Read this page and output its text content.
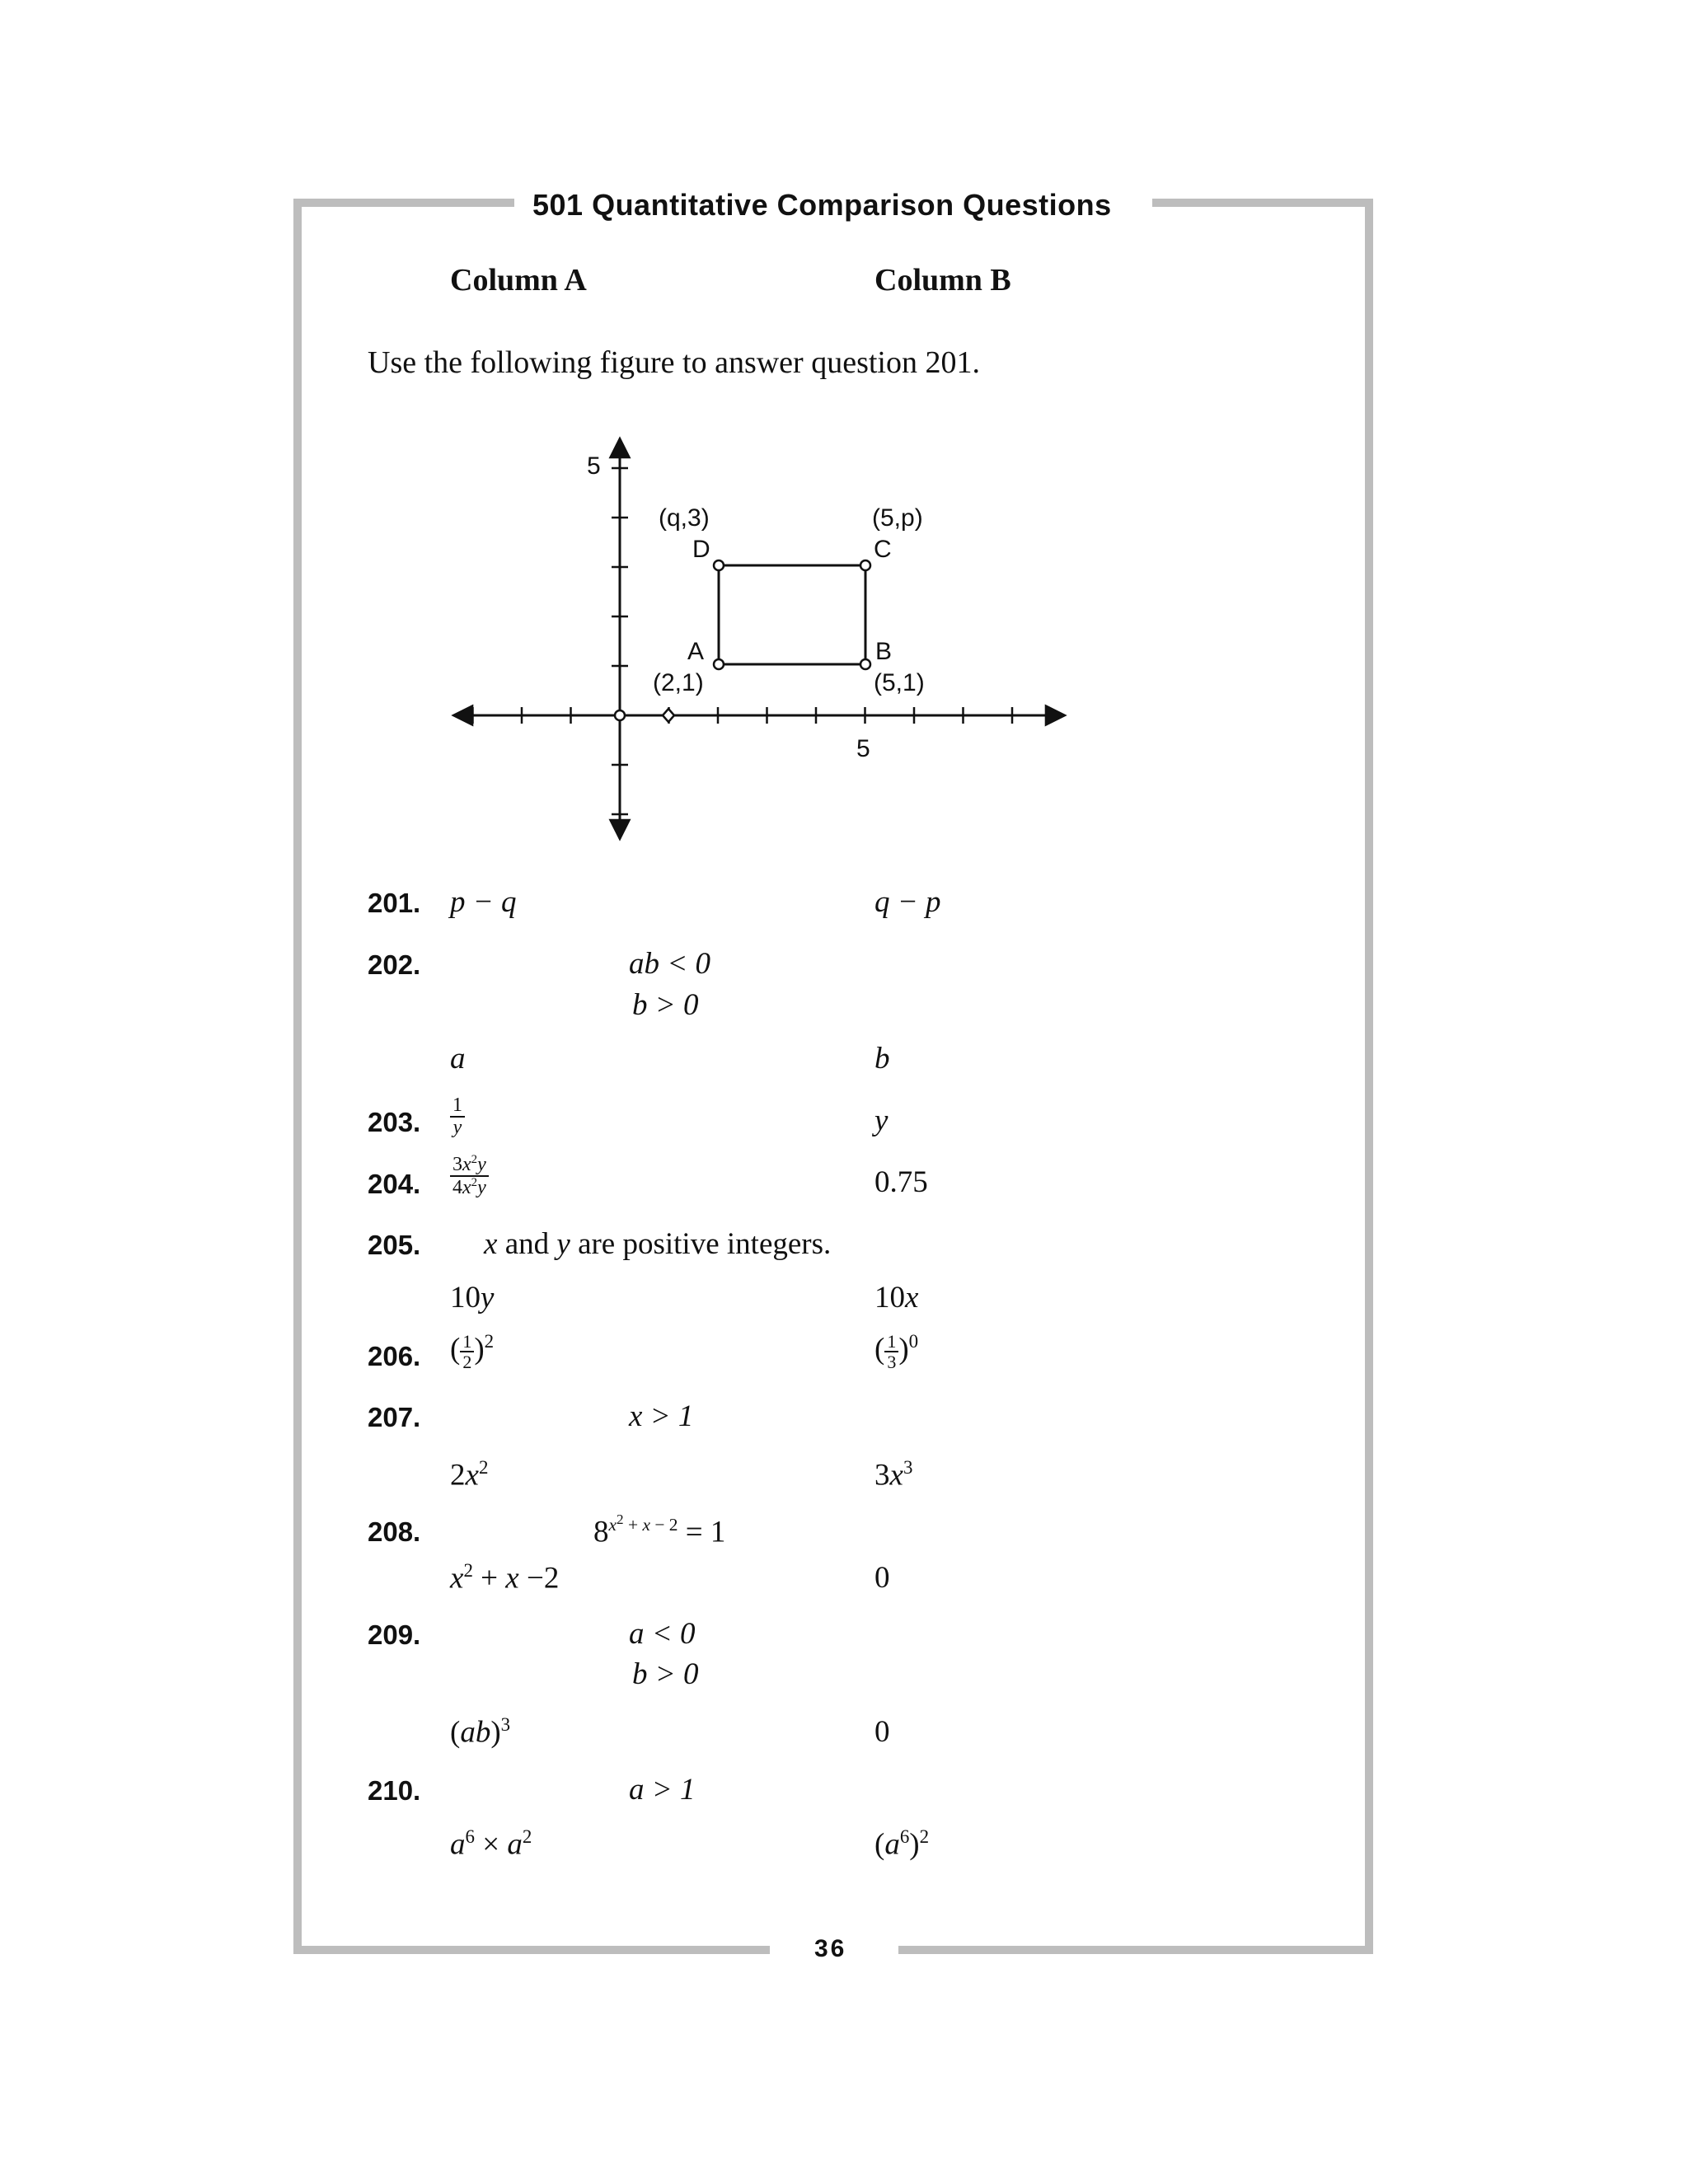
501 Quantitative Comparison Questions
Column A	Column B
Use the following figure to answer question 201.
5
5
(q,3)
D
(5,p)
C
A
(2,1)
B
(5,1)
201. p − q	q − p
202.	ab < 0
b > 0
a	b
203. $\frac{1}{y}$	y
204. $\frac{3x^2y}{4x^2y}$	0.75
205. x and y are positive integers.
10y	10x
206. ( $\frac{1}{2} )^2$	( $\frac{1}{3} )^0$
207.	x > 1
$2x^2$	$3x^3$
208.	$8^{x^2 + x - 2} = 1$
$x^2 + x -2$	0
209.	a < 0
b > 0
(ab)$^3$	0
210.	a > 1
$a^6 \times a^2$	$(a^6)^2$
36
